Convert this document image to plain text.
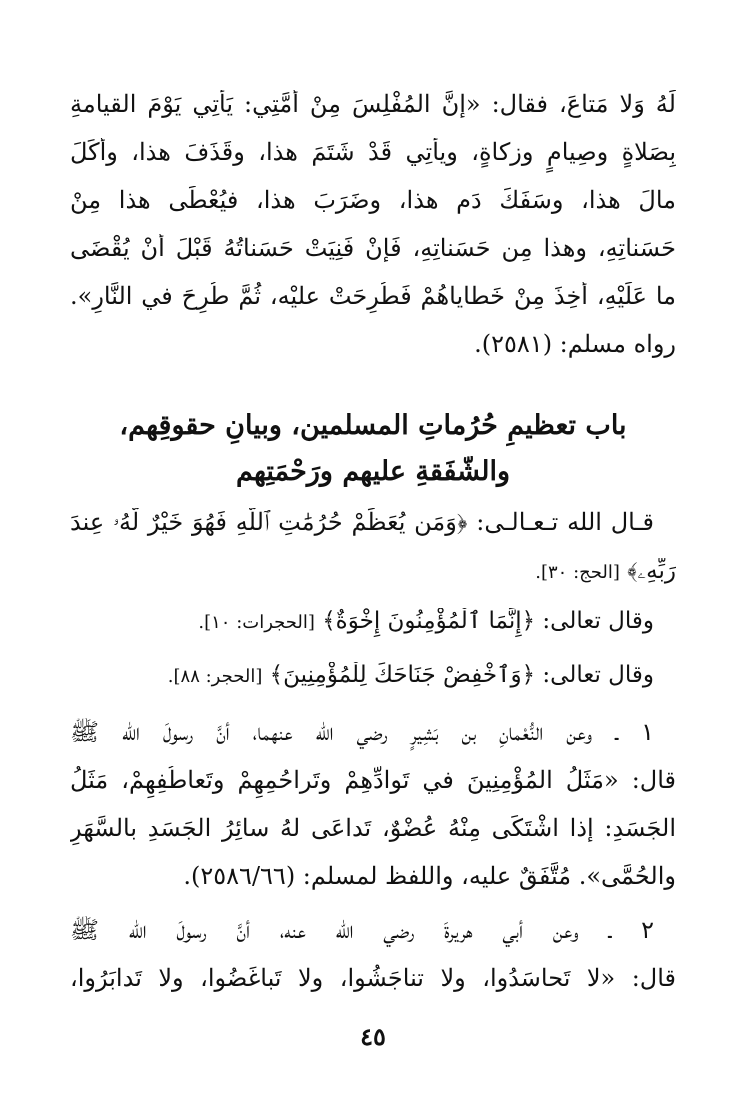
لَهُ وَلا مَتاعَ، فقال: «إنَّ المُفْلِسَ مِنْ أُمَّتِي: يَأْتِي يَوْمَ القيامةِ
بِصَلاةٍ وصِيامٍ وزكاةٍ، ويأْتِي قَدْ شَتَمَ هذا، وقَذَفَ هذا، وأَكَلَ
مالَ هذا، وسَفَكَ دَم هذا، وضَرَبَ هذا، فيُعْطَى هذا مِنْ
حَسَناتِهِ، وهذا مِن حَسَناتِهِ، فَإنْ فَنِيَتْ حَسَناتُهُ قَبْلَ أَنْ يُقْضَى
ما عَلَيْهِ، أُخِذَ مِنْ خَطاياهُمْ فَطُرِحَتْ عليْه، ثُمَّ طُرِحَ في النَّارِ».
رواه مسلم: (٢٥٨١).
باب تعظيمِ حُرُماتِ المسلمين، وبيانِ حقوقِهم،
والشَّفَقةِ عليهم ورَحْمَتِهم
قـال الله تـعـالـى: ﴿وَمَن يُعَظِّمْ حُرُمَٰتِ ٱللَّهِ فَهُوَ خَيْرٌ لَّهُۥ عِندَ
رَبِّهِۦ﴾ [الحج: ٣٠].
وقال تعالى: ﴿إِنَّمَا ٱلْمُؤْمِنُونَ إِخْوَةٌ﴾ [الحجرات: ١٠].
وقال تعالى: ﴿وَٱخْفِضْ جَنَاحَكَ لِلْمُؤْمِنِينَ﴾ [الحجر: ٨٨].
١ ـ وعن النُّعْمانِ بن بَشِيرٍ رضي الله عنهما، أنَّ رسولَ الله ﷺ
قال: «مَثَلُ المُؤْمِنِينَ في تَوادِّهِمْ وتَراحُمِهِمْ وتَعاطُفِهِمْ، مَثَلُ
الجَسَدِ: إذا اشْتَكَى مِنْهُ عُضْوٌ، تَداعَى لهُ سائِرُ الجَسَدِ بالسَّهَرِ
والحُمَّى». مُتَّفَقٌ عليه، واللفظ لمسلم: (٢٥٨٦/٦٦).
٢ ـ وعن أبي هريرةَ رضي الله عنه، أنَّ رسولَ الله ﷺ
قال: «لا تَحاسَدُوا، ولا تناجَشُوا، ولا تَباغَضُوا، ولا تَدابَرُوا،
٤٥
